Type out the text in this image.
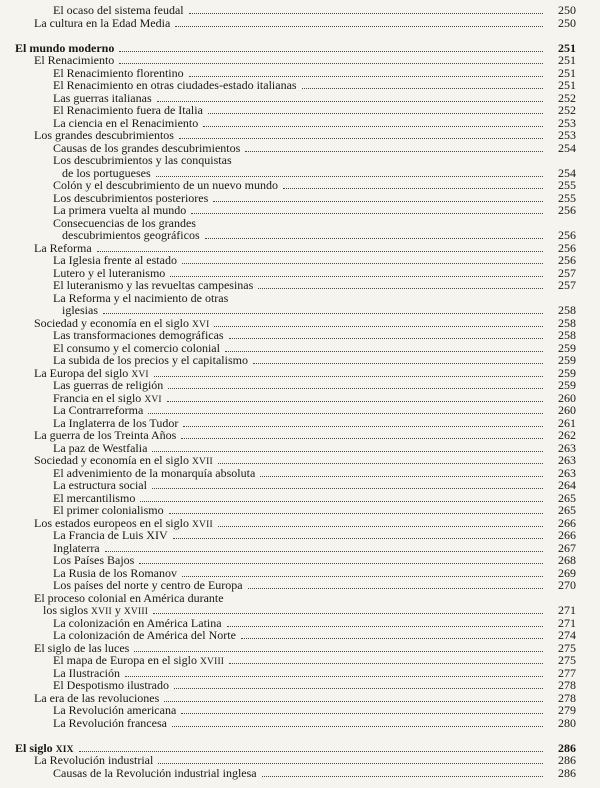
El ocaso del sistema feudal	250
La cultura en la Edad Media	250
El mundo moderno	251
El Renacimiento	251
El Renacimiento florentino	251
El Renacimiento en otras ciudades-estado italianas	251
Las guerras italianas	252
El Renacimiento fuera de Italia	252
La ciencia en el Renacimiento	253
Los grandes descubrimientos	253
Causas de los grandes descubrimientos	254
Los descubrimientos y las conquistas
de los portugueses	254
Colón y el descubrimiento de un nuevo mundo	255
Los descubrimientos posteriores	255
La primera vuelta al mundo	256
Consecuencias de los grandes
descubrimientos geográficos	256
La Reforma	256
La Iglesia frente al estado	256
Lutero y el luteranismo	257
El luteranismo y las revueltas campesinas	257
La Reforma y el nacimiento de otras
iglesias	258
Sociedad y economía en el siglo XVI	258
Las transformaciones demográficas	258
El consumo y el comercio colonial	259
La subida de los precios y el capitalismo	259
La Europa del siglo XVI	259
Las guerras de religión	259
Francia en el siglo XVI	260
La Contrarreforma	260
La Inglaterra de los Tudor	261
La guerra de los Treinta Años	262
La paz de Westfalia	263
Sociedad y economía en el siglo XVII	263
El advenimiento de la monarquía absoluta	263
La estructura social	264
El mercantilismo	265
El primer colonialismo	265
Los estados europeos en el siglo XVII	266
La Francia de Luis XIV	266
Inglaterra	267
Los Países Bajos	268
La Rusia de los Romanov	269
Los países del norte y centro de Europa	270
El proceso colonial en América durante
los siglos XVII y XVIII	271
La colonización en América Latina	271
La colonización de América del Norte	274
El siglo de las luces	275
El mapa de Europa en el siglo XVIII	275
La Ilustración	277
El Despotismo ilustrado	278
La era de las revoluciones	278
La Revolución americana	279
La Revolución francesa	280
El siglo XIX	286
La Revolución industrial	286
Causas de la Revolución industrial inglesa	286
